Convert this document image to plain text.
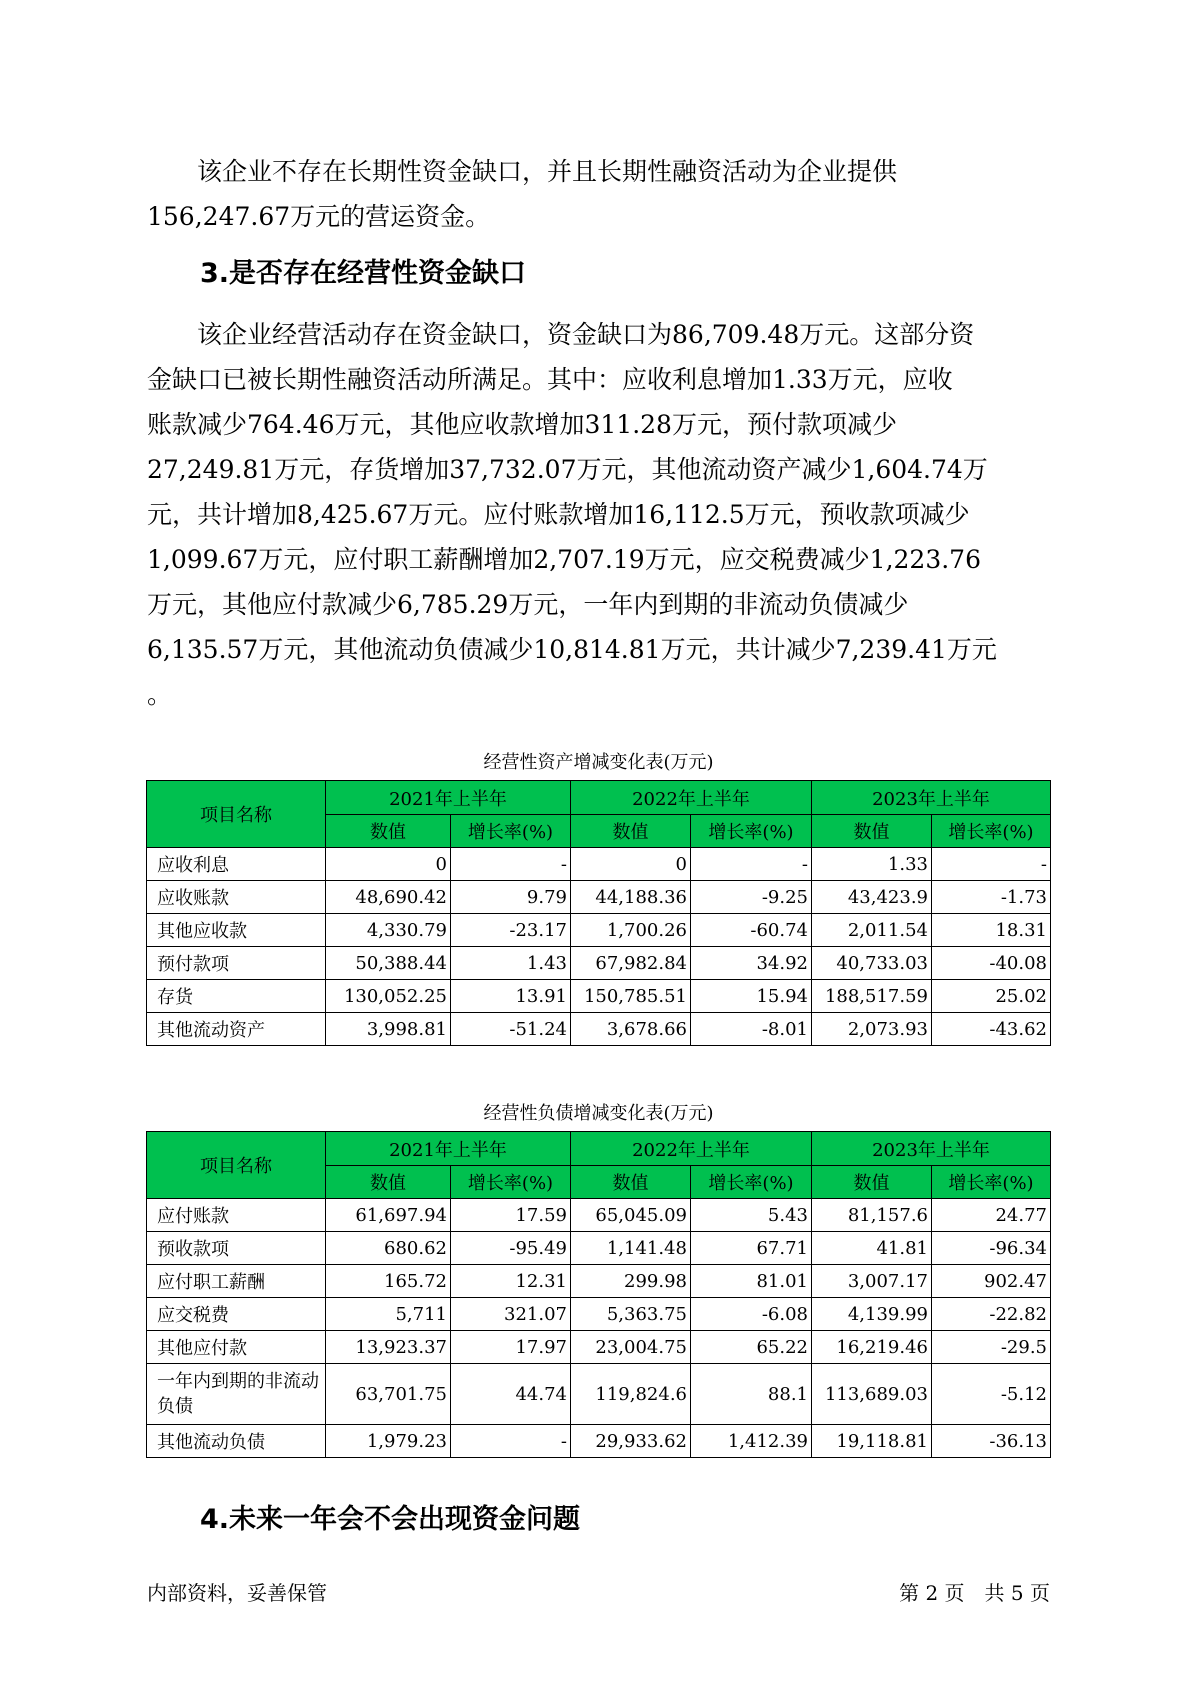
　　该企业不存在长期性资金缺口，并且长期性融资活动为企业提供
156,247.67万元的营运资金。
3.是否存在经营性资金缺口
　　该企业经营活动存在资金缺口，资金缺口为86,709.48万元。这部分资
金缺口已被长期性融资活动所满足。其中：应收利息增加1.33万元，应收
账款减少764.46万元，其他应收款增加311.28万元，预付款项减少
27,249.81万元，存货增加37,732.07万元，其他流动资产减少1,604.74万
元，共计增加8,425.67万元。应付账款增加16,112.5万元，预收款项减少
1,099.67万元，应付职工薪酬增加2,707.19万元，应交税费减少1,223.76
万元，其他应付款减少6,785.29万元，一年内到期的非流动负债减少
6,135.57万元，其他流动负债减少10,814.81万元，共计减少7,239.41万元
。
经营性资产增减变化表(万元)
项目名称	2021年上半年		2022年上半年		2023年上半年	
	数值	增长率(%)	数值	增长率(%)	数值	增长率(%)
应收利息	0	-	0	-	1.33	-
应收账款	48,690.42	9.79	44,188.36	-9.25	43,423.9	-1.73
其他应收款	4,330.79	-23.17	1,700.26	-60.74	2,011.54	18.31
预付款项	50,388.44	1.43	67,982.84	34.92	40,733.03	-40.08
存货	130,052.25	13.91	150,785.51	15.94	188,517.59	25.02
其他流动资产	3,998.81	-51.24	3,678.66	-8.01	2,073.93	-43.62
经营性负债增减变化表(万元)
项目名称	2021年上半年		2022年上半年		2023年上半年	
	数值	增长率(%)	数值	增长率(%)	数值	增长率(%)
应付账款	61,697.94	17.59	65,045.09	5.43	81,157.6	24.77
预收款项	680.62	-95.49	1,141.48	67.71	41.81	-96.34
应付职工薪酬	165.72	12.31	299.98	81.01	3,007.17	902.47
应交税费	5,711	321.07	5,363.75	-6.08	4,139.99	-22.82
其他应付款	13,923.37	17.97	23,004.75	65.22	16,219.46	-29.5
一年内到期的非流动负债	63,701.75	44.74	119,824.6	88.1	113,689.03	-5.12
其他流动负债	1,979.23	-	29,933.62	1,412.39	19,118.81	-36.13
4.未来一年会不会出现资金问题
内部资料，妥善保管	第 2 页　共 5 页
